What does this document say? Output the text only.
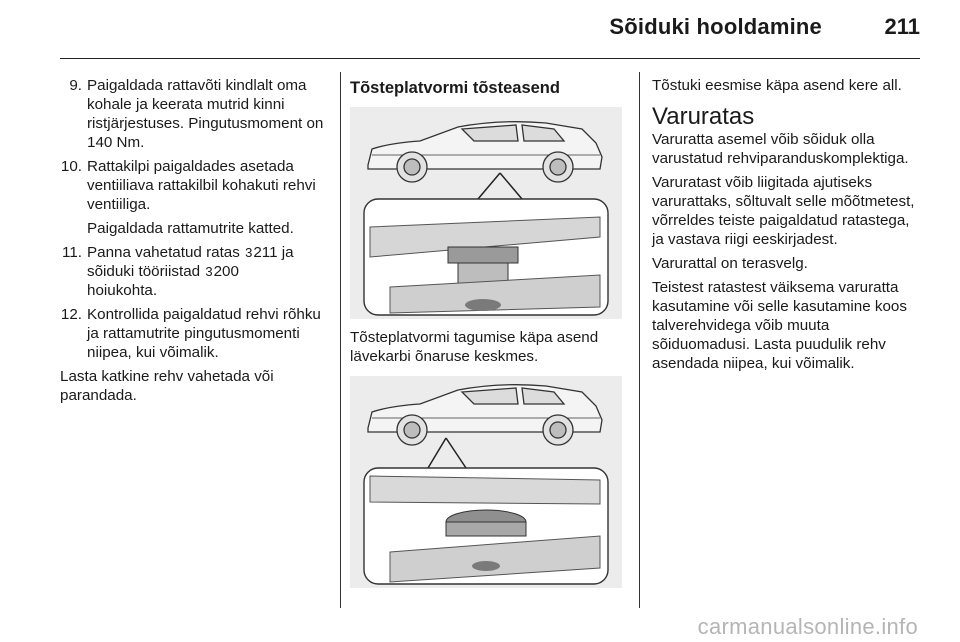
Sõiduki hooldamine	211
9. Paigaldada rattavõti kindlalt oma kohale ja keerata mutrid kinni ristjärjestuses. Pingutusmoment on 140 Nm.
10. Rattakilpi paigaldades asetada ventiiliava rattakilbil kohakuti rehvi ventiiliga.
Paigaldada rattamutrite katted.
11. Panna vahetatud ratas 3211 ja sõiduki tööriistad 3200
hoiukohta.
12. Kontrollida paigaldatud rehvi rõhku ja rattamutrite pingutusmomenti niipea, kui võimalik.
Lasta katkine rehv vahetada või parandada.
Tõsteplatvormi tõsteasend
Tõsteplatvormi tagumise käpa asend lävekarbi õnaruse keskmes.
Tõstuki eesmise käpa asend kere all.
Varuratas
Varuratta asemel võib sõiduk olla varustatud rehviparanduskomplektiga.
Varuratast võib liigitada ajutiseks varurattaks, sõltuvalt selle mõõtmetest, võrreldes teiste paigaldatud ratastega, ja vastava riigi eeskirjadest.
Varurattal on terasvelg.
Teistest ratastest väiksema varuratta kasutamine või selle kasutamine koos talverehvidega võib muuta sõiduomadusi. Lasta puudulik rehv asendada niipea, kui võimalik.
carmanualsonline.info
